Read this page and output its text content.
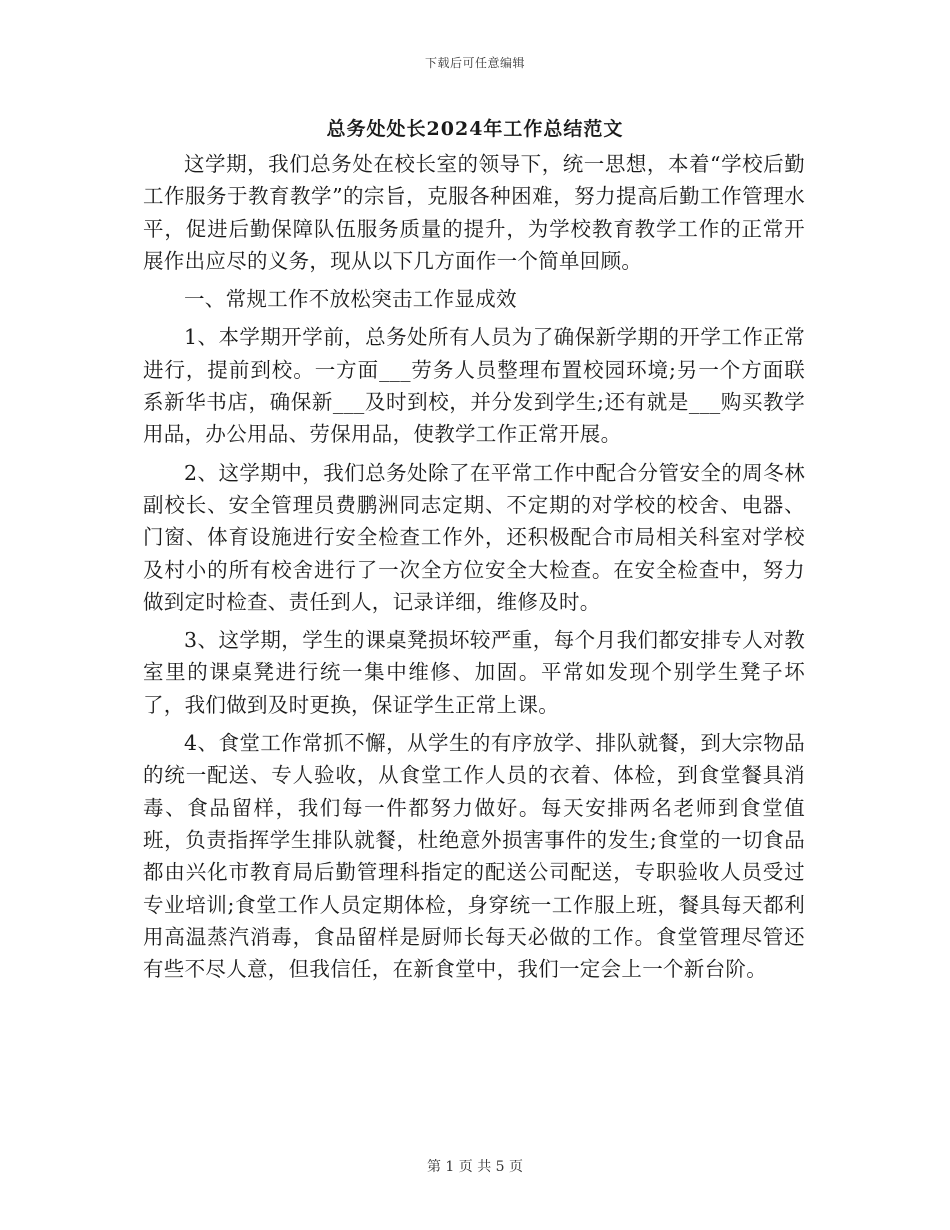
下载后可任意编辑
总务处处长2024年工作总结范文

这学期，我们总务处在校长室的领导下，统一思想，本着“学校后勤工作服务于教育教学”的宗旨，克服各种困难，努力提高后勤工作管理水平，促进后勤保障队伍服务质量的提升，为学校教育教学工作的正常开展作出应尽的义务，现从以下几方面作一个简单回顾。

一、常规工作不放松突击工作显成效

1、本学期开学前，总务处所有人员为了确保新学期的开学工作正常进行，提前到校。一方面___劳务人员整理布置校园环境;另一个方面联系新华书店，确保新___及时到校，并分发到学生;还有就是___购买教学用品，办公用品、劳保用品，使教学工作正常开展。

2、这学期中，我们总务处除了在平常工作中配合分管安全的周冬林副校长、安全管理员费鹏洲同志定期、不定期的对学校的校舍、电器、门窗、体育设施进行安全检查工作外，还积极配合市局相关科室对学校及村小的所有校舍进行了一次全方位安全大检查。在安全检查中，努力做到定时检查、责任到人，记录详细，维修及时。

3、这学期，学生的课桌凳损坏较严重，每个月我们都安排专人对教室里的课桌凳进行统一集中维修、加固。平常如发现个别学生凳子坏了，我们做到及时更换，保证学生正常上课。

4、食堂工作常抓不懈，从学生的有序放学、排队就餐，到大宗物品的统一配送、专人验收，从食堂工作人员的衣着、体检，到食堂餐具消毒、食品留样，我们每一件都努力做好。每天安排两名老师到食堂值班，负责指挥学生排队就餐，杜绝意外损害事件的发生;食堂的一切食品都由兴化市教育局后勤管理科指定的配送公司配送，专职验收人员受过专业培训;食堂工作人员定期体检，身穿统一工作服上班，餐具每天都利用高温蒸汽消毒，食品留样是厨师长每天必做的工作。食堂管理尽管还有些不尽人意，但我信任，在新食堂中，我们一定会上一个新台阶。

第 1 页 共 5 页
